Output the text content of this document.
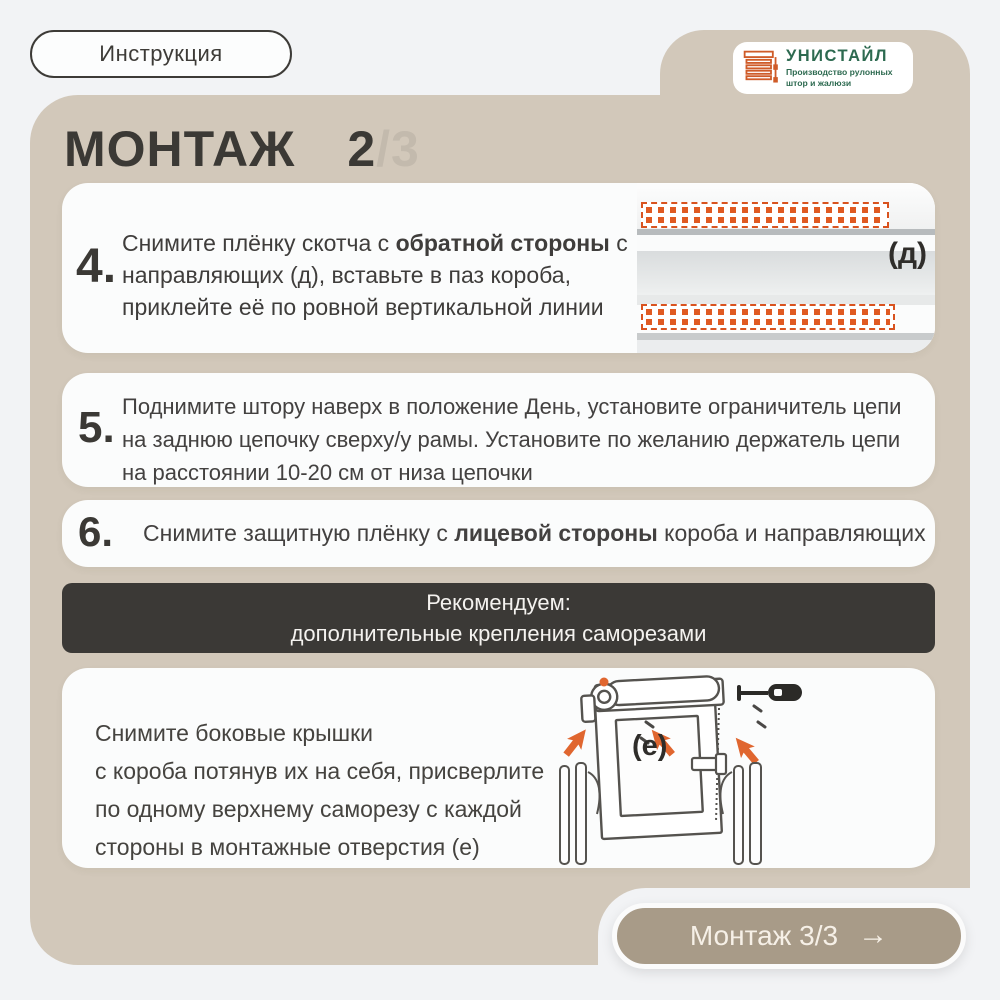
Инструкция	УНИСТАЙЛ
Производство рулонных
штор и жалюзи
МОНТАЖ 2/3
4. Снимите плёнку скотча с обратной стороны с
направляющих (д), вставьте в паз короба,
приклейте её по ровной вертикальной линии
(д)
5. Поднимите штору наверх в положение День, установите ограничитель цепи
на заднюю цепочку сверху/у рамы. Установите по желанию держатель цепи
на расстоянии 10-20 см от низа цепочки
6. Снимите защитную плёнку с лицевой стороны короба и направляющих
Рекомендуем:
дополнительные крепления саморезами
Снимите боковые крышки
с короба потянув их на себя, присверлите
по одному верхнему саморезу с каждой
стороны в монтажные отверстия (е)
(e)
Монтаж 3/3 →
